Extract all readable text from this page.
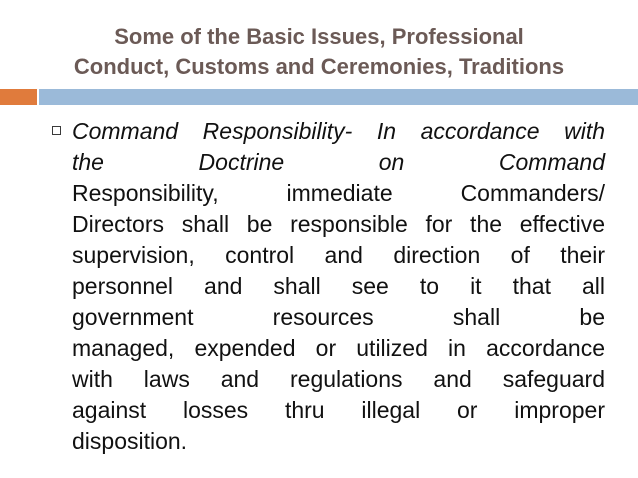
Some of the Basic Issues, Professional
Conduct, Customs and Ceremonies, Traditions
Command Responsibility- In accordance with
the Doctrine on Command
Responsibility, immediate Commanders/
Directors shall be responsible for the effective
supervision, control and direction of their
personnel and shall see to it that all
government resources shall be
managed, expended or utilized in accordance
with laws and regulations and safeguard
against losses thru illegal or improper
disposition.
